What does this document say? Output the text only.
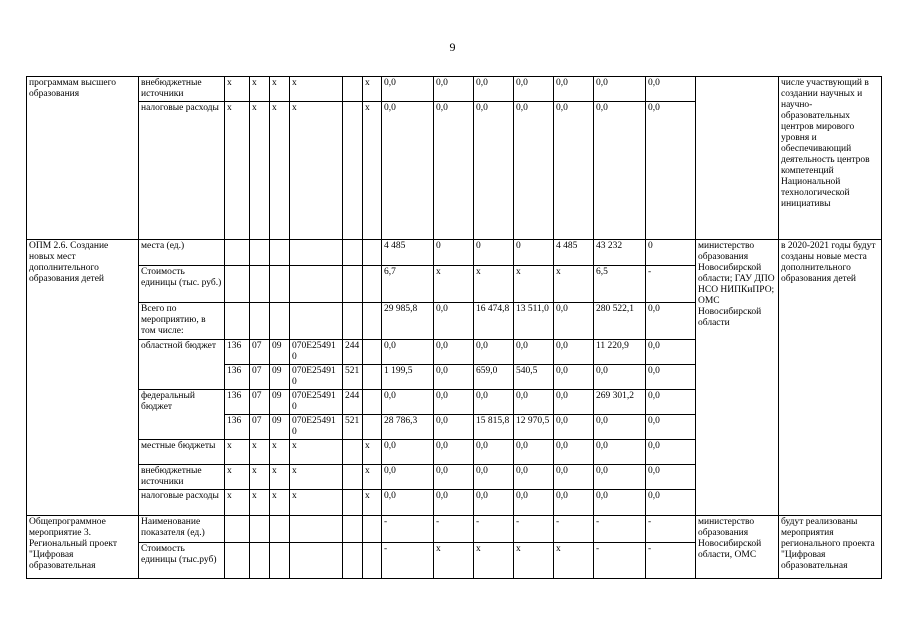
9
программам высшего образования	внебюджетные источники	x	x	x	x		x	0,0	0,0	0,0	0,0	0,0	0,0	0,0		числе участвующий в создании научных и научно-образовательных центров мирового уровня и обеспечивающий деятельность центров компетенций Национальной технологической инициативы
	налоговые расходы	x	x	x	x		x	0,0	0,0	0,0	0,0	0,0	0,0	0,0		
ОПМ 2.6. Создание новых мест дополнительного образования детей	места (ед.)							4 485	0	0	0	4 485	43 232	0	министерство образования Новосибирской области; ГАУ ДПО НСО НИПКиПРО; ОМС Новосибирской области	в 2020-2021 годы будут созданы новые места дополнительного образования детей
	Стоимость единицы (тыс. руб.)							6,7	x	x	x	x	6,5	-		
	Всего по мероприятию, в том числе:							29 985,8	0,0	16 474,8	13 511,0	0,0	280 522,1	0,0		
	областной бюджет	136	07	09	070E254910	244		0,0	0,0	0,0	0,0	0,0	11 220,9	0,0		
		136	07	09	070E254910	521		1 199,5	0,0	659,0	540,5	0,0	0,0	0,0		
	федеральный бюджет	136	07	09	070E254910	244		0,0	0,0	0,0	0,0	0,0	269 301,2	0,0		
		136	07	09	070E254910	521		28 786,3	0,0	15 815,8	12 970,5	0,0	0,0	0,0		
	местные бюджеты	x	x	x	x		x	0,0	0,0	0,0	0,0	0,0	0,0	0,0		
	внебюджетные источники	x	x	x	x		x	0,0	0,0	0,0	0,0	0,0	0,0	0,0		
	налоговые расходы	x	x	x	x		x	0,0	0,0	0,0	0,0	0,0	0,0	0,0		
Общепрограммное мероприятие 3. Региональный проект "Цифровая образовательная	Наименование показателя (ед.)							-	-	-	-	-	-	-	министерство образования Новосибирской области, ОМС	будут реализованы мероприятия регионального проекта "Цифровая образовательная
	Стоимость единицы (тыс.руб)							-	x	x	x	x	-	-		
